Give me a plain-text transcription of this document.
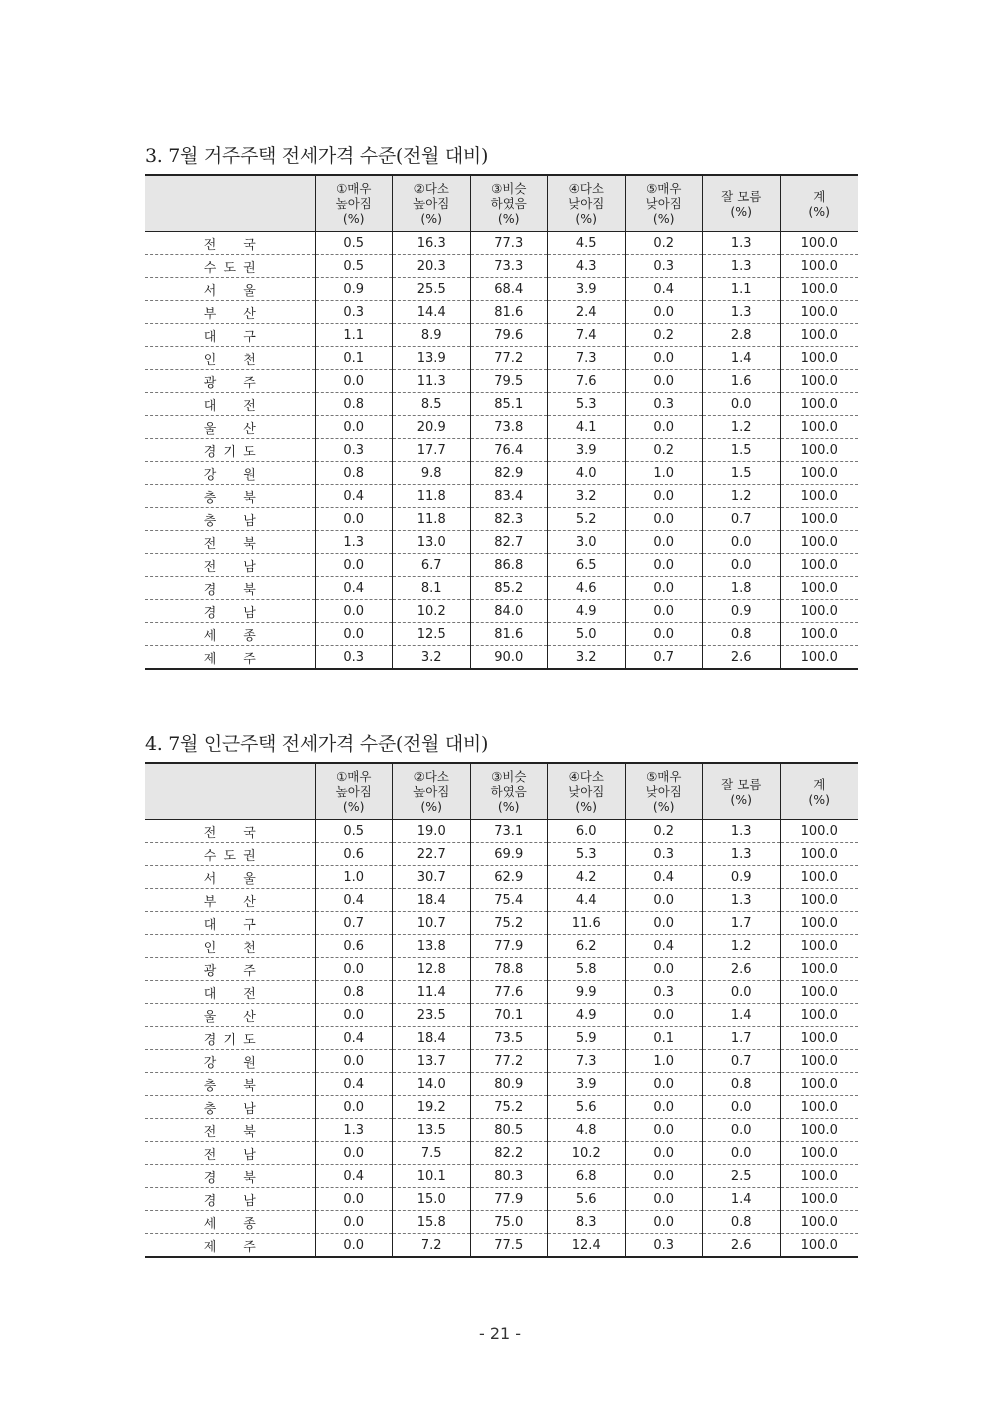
3. 7월 거주주택 전세가격 수준(전월 대비)

	①매우
높아짐
(%)	②다소
높아짐
(%)	③비슷
하였음
(%)	④다소
낮아짐
(%)	⑤매우
낮아짐
(%)	잘 모름
(%)	계
(%)

전 국	0.5	16.3	77.3	4.5	0.2	1.3	100.0
수 도 권	0.5	20.3	73.3	4.3	0.3	1.3	100.0
서 울	0.9	25.5	68.4	3.9	0.4	1.1	100.0
부 산	0.3	14.4	81.6	2.4	0.0	1.3	100.0
대 구	1.1	8.9	79.6	7.4	0.2	2.8	100.0
인 천	0.1	13.9	77.2	7.3	0.0	1.4	100.0
광 주	0.0	11.3	79.5	7.6	0.0	1.6	100.0
대 전	0.8	8.5	85.1	5.3	0.3	0.0	100.0
울 산	0.0	20.9	73.8	4.1	0.0	1.2	100.0
경 기 도	0.3	17.7	76.4	3.9	0.2	1.5	100.0
강 원	0.8	9.8	82.9	4.0	1.0	1.5	100.0
충 북	0.4	11.8	83.4	3.2	0.0	1.2	100.0
충 남	0.0	11.8	82.3	5.2	0.0	0.7	100.0
전 북	1.3	13.0	82.7	3.0	0.0	0.0	100.0
전 남	0.0	6.7	86.8	6.5	0.0	0.0	100.0
경 북	0.4	8.1	85.2	4.6	0.0	1.8	100.0
경 남	0.0	10.2	84.0	4.9	0.0	0.9	100.0
세 종	0.0	12.5	81.6	5.0	0.0	0.8	100.0
제 주	0.3	3.2	90.0	3.2	0.7	2.6	100.0
4. 7월 인근주택 전세가격 수준(전월 대비)

	①매우
높아짐
(%)	②다소
높아짐
(%)	③비슷
하였음
(%)	④다소
낮아짐
(%)	⑤매우
낮아짐
(%)	잘 모름
(%)	계
(%)

전 국	0.5	19.0	73.1	6.0	0.2	1.3	100.0
수 도 권	0.6	22.7	69.9	5.3	0.3	1.3	100.0
서 울	1.0	30.7	62.9	4.2	0.4	0.9	100.0
부 산	0.4	18.4	75.4	4.4	0.0	1.3	100.0
대 구	0.7	10.7	75.2	11.6	0.0	1.7	100.0
인 천	0.6	13.8	77.9	6.2	0.4	1.2	100.0
광 주	0.0	12.8	78.8	5.8	0.0	2.6	100.0
대 전	0.8	11.4	77.6	9.9	0.3	0.0	100.0
울 산	0.0	23.5	70.1	4.9	0.0	1.4	100.0
경 기 도	0.4	18.4	73.5	5.9	0.1	1.7	100.0
강 원	0.0	13.7	77.2	7.3	1.0	0.7	100.0
충 북	0.4	14.0	80.9	3.9	0.0	0.8	100.0
충 남	0.0	19.2	75.2	5.6	0.0	0.0	100.0
전 북	1.3	13.5	80.5	4.8	0.0	0.0	100.0
전 남	0.0	7.5	82.2	10.2	0.0	0.0	100.0
경 북	0.4	10.1	80.3	6.8	0.0	2.5	100.0
경 남	0.0	15.0	77.9	5.6	0.0	1.4	100.0
세 종	0.0	15.8	75.0	8.3	0.0	0.8	100.0
제 주	0.0	7.2	77.5	12.4	0.3	2.6	100.0
- 21 -
